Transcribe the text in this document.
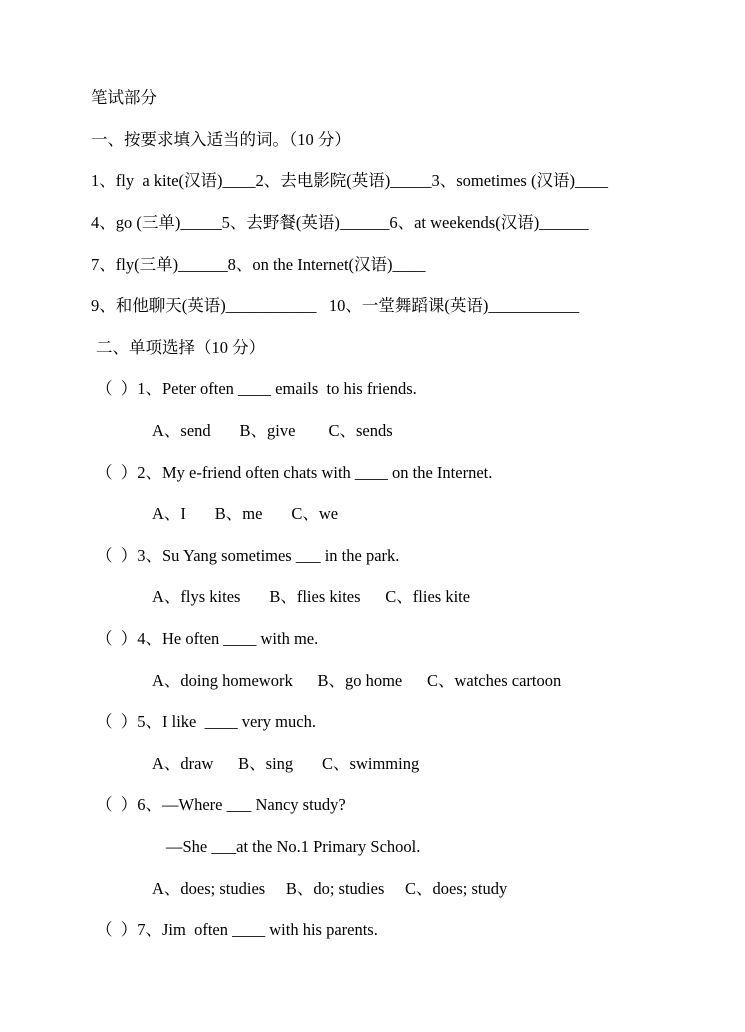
笔试部分
一、按要求填入适当的词。（10 分）
1、fly  a kite(汉语)____2、去电影院(英语)_____3、sometimes (汉语)____
4、go (三单)_____5、去野餐(英语)______6、at weekends(汉语)______
7、fly(三单)______8、on the Internet(汉语)____
9、和他聊天(英语)___________   10、一堂舞蹈课(英语)___________
二、单项选择（10 分）
（  ）1、Peter often ____ emails  to his friends.
A、send       B、give        C、sends
（  ）2、My e-friend often chats with ____ on the Internet.
A、I       B、me       C、we
（  ）3、Su Yang sometimes ___ in the park.
A、flys kites       B、flies kites      C、flies kite
（  ）4、He often ____ with me.
A、doing homework      B、go home      C、watches cartoon
（  ）5、I like  ____ very much.
A、draw      B、sing       C、swimming
（  ）6、—Where ___ Nancy study?
—She ___at the No.1 Primary School.
A、does; studies     B、do; studies     C、does; study
（  ）7、Jim  often ____ with his parents.
